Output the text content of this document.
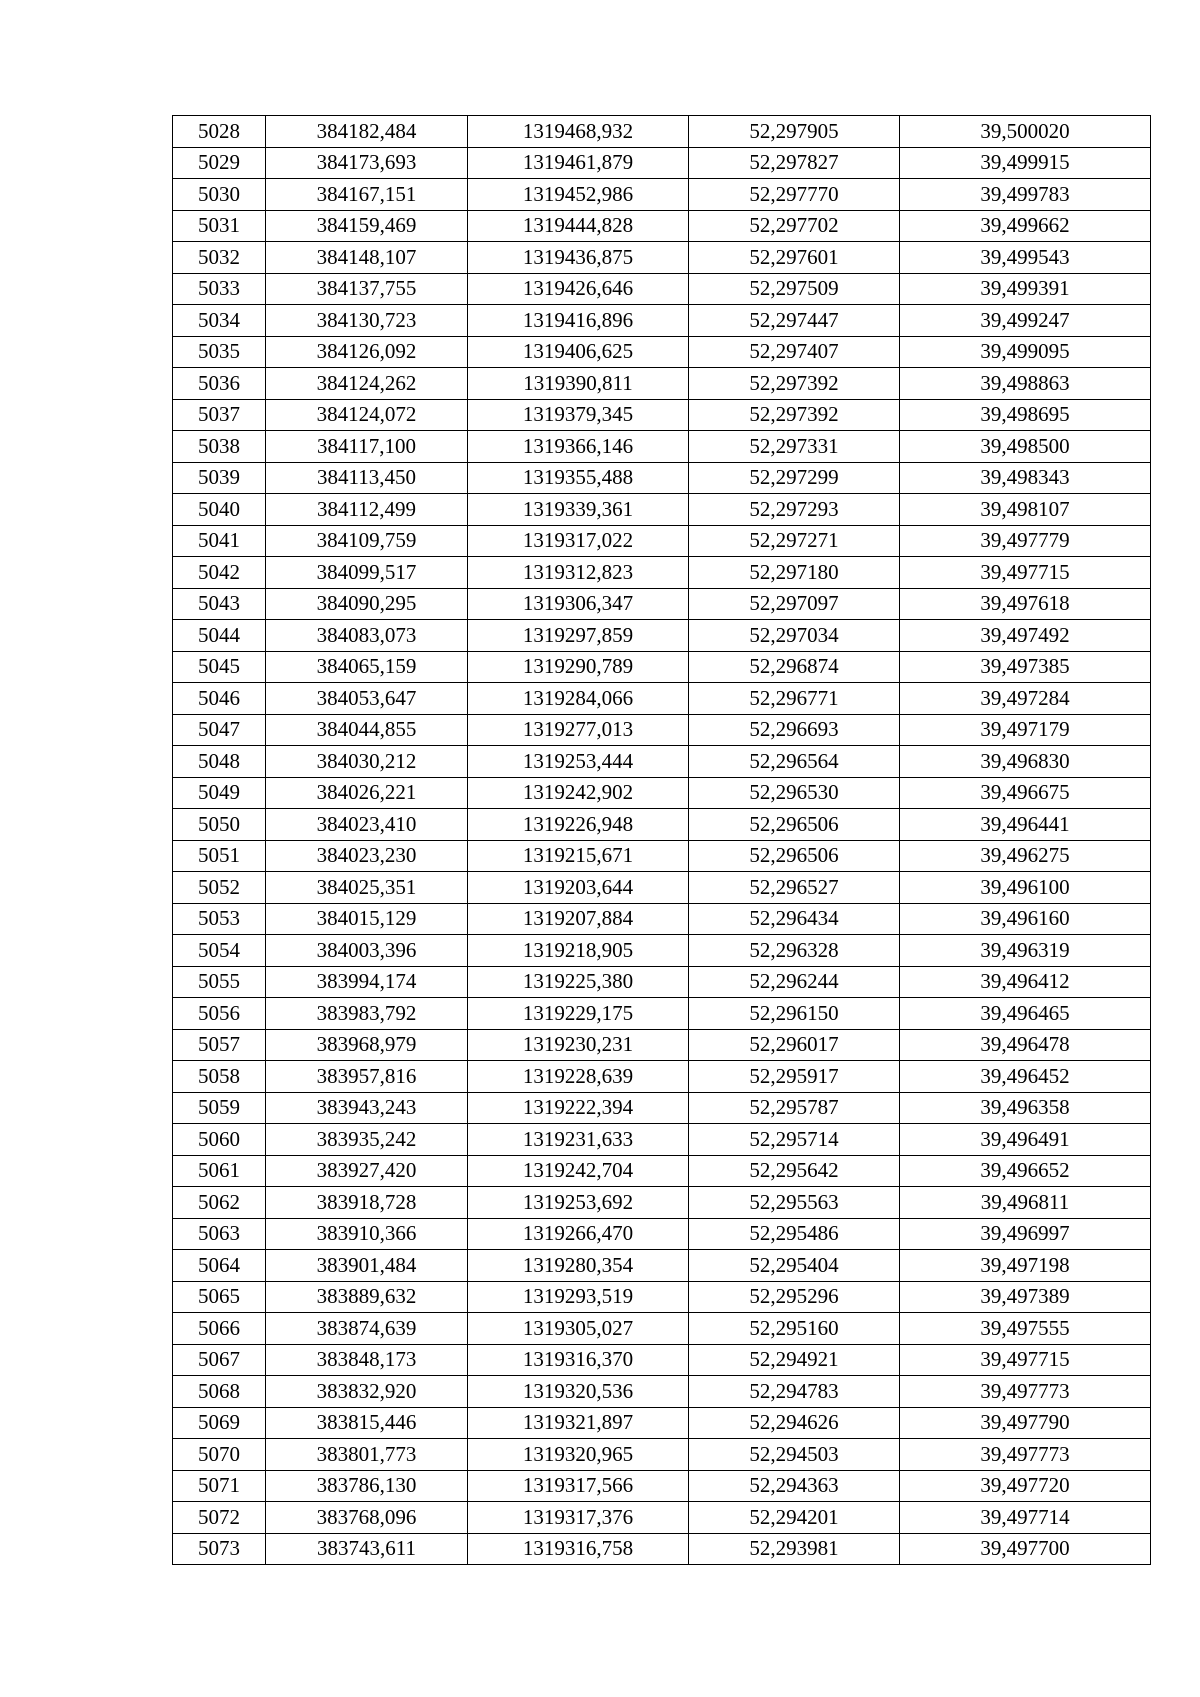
5028	384182,484	1319468,932	52,297905	39,500020
5029	384173,693	1319461,879	52,297827	39,499915
5030	384167,151	1319452,986	52,297770	39,499783
5031	384159,469	1319444,828	52,297702	39,499662
5032	384148,107	1319436,875	52,297601	39,499543
5033	384137,755	1319426,646	52,297509	39,499391
5034	384130,723	1319416,896	52,297447	39,499247
5035	384126,092	1319406,625	52,297407	39,499095
5036	384124,262	1319390,811	52,297392	39,498863
5037	384124,072	1319379,345	52,297392	39,498695
5038	384117,100	1319366,146	52,297331	39,498500
5039	384113,450	1319355,488	52,297299	39,498343
5040	384112,499	1319339,361	52,297293	39,498107
5041	384109,759	1319317,022	52,297271	39,497779
5042	384099,517	1319312,823	52,297180	39,497715
5043	384090,295	1319306,347	52,297097	39,497618
5044	384083,073	1319297,859	52,297034	39,497492
5045	384065,159	1319290,789	52,296874	39,497385
5046	384053,647	1319284,066	52,296771	39,497284
5047	384044,855	1319277,013	52,296693	39,497179
5048	384030,212	1319253,444	52,296564	39,496830
5049	384026,221	1319242,902	52,296530	39,496675
5050	384023,410	1319226,948	52,296506	39,496441
5051	384023,230	1319215,671	52,296506	39,496275
5052	384025,351	1319203,644	52,296527	39,496100
5053	384015,129	1319207,884	52,296434	39,496160
5054	384003,396	1319218,905	52,296328	39,496319
5055	383994,174	1319225,380	52,296244	39,496412
5056	383983,792	1319229,175	52,296150	39,496465
5057	383968,979	1319230,231	52,296017	39,496478
5058	383957,816	1319228,639	52,295917	39,496452
5059	383943,243	1319222,394	52,295787	39,496358
5060	383935,242	1319231,633	52,295714	39,496491
5061	383927,420	1319242,704	52,295642	39,496652
5062	383918,728	1319253,692	52,295563	39,496811
5063	383910,366	1319266,470	52,295486	39,496997
5064	383901,484	1319280,354	52,295404	39,497198
5065	383889,632	1319293,519	52,295296	39,497389
5066	383874,639	1319305,027	52,295160	39,497555
5067	383848,173	1319316,370	52,294921	39,497715
5068	383832,920	1319320,536	52,294783	39,497773
5069	383815,446	1319321,897	52,294626	39,497790
5070	383801,773	1319320,965	52,294503	39,497773
5071	383786,130	1319317,566	52,294363	39,497720
5072	383768,096	1319317,376	52,294201	39,497714
5073	383743,611	1319316,758	52,293981	39,497700
